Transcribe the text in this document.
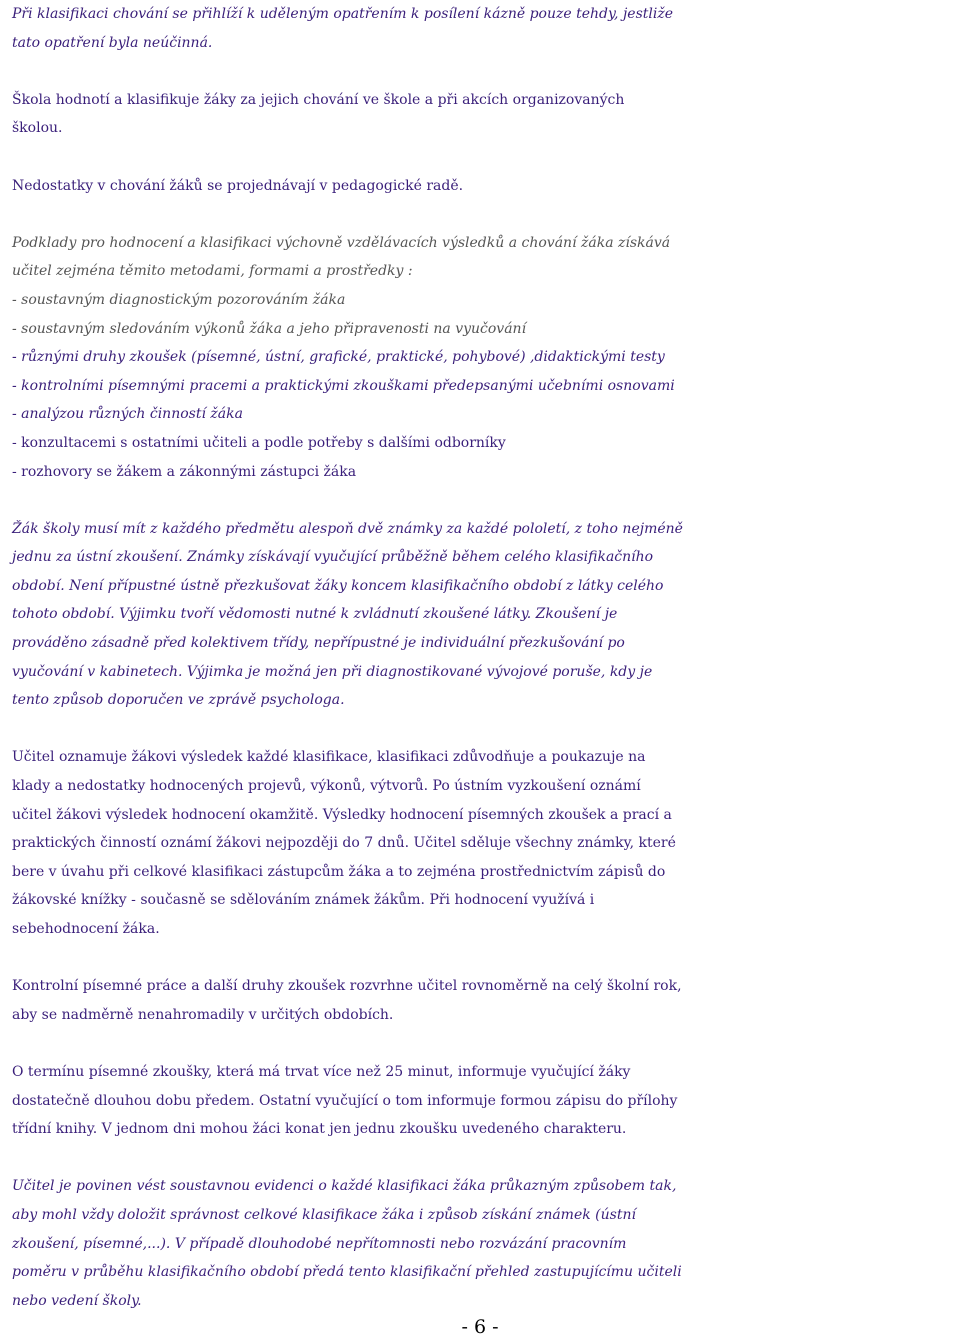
Při klasifikaci chování se přihlíží k uděleným opatřením k posílení kázně pouze tehdy, jestliže
tato opatření byla neúčinná.
Škola hodnotí a klasifikuje žáky za jejich chování ve škole a při akcích organizovaných
školou.
Nedostatky v chování žáků se projednávají v pedagogické radě.
Podklady pro hodnocení a klasifikaci výchovně vzdělávacích výsledků a chování žáka získává
učitel zejména těmito metodami, formami a prostředky :
- soustavným diagnostickým pozorováním žáka
- soustavným sledováním výkonů žáka a jeho připravenosti na vyučování
- různými druhy zkoušek (písemné, ústní, grafické, praktické, pohybové) ,didaktickými testy
- kontrolními písemnými pracemi a praktickými zkouškami předepsanými učebními osnovami
- analýzou různých činností žáka
- konzultacemi s ostatními učiteli a podle potřeby s dalšími odborníky
- rozhovory se žákem a zákonnými zástupci žáka
Žák školy musí mít z každého předmětu alespoň dvě známky za každé pololetí, z toho nejméně
jednu za ústní zkoušení. Známky získávají vyučující průběžně během celého klasifikačního
období. Není přípustné ústně přezkušovat žáky koncem klasifikačního období z látky celého
tohoto období. Výjimku tvoří vědomosti nutné k zvládnutí zkoušené látky. Zkoušení je
prováděno zásadně před kolektivem třídy, nepřípustné je individuální přezkušování po
vyučování v kabinetech. Výjimka je možná jen při diagnostikované vývojové poruše, kdy je
tento způsob doporučen ve zprávě psychologa.
Učitel oznamuje žákovi výsledek každé klasifikace, klasifikaci zdůvodňuje a poukazuje na
klady a nedostatky hodnocených projevů, výkonů, výtvorů. Po ústním vyzkoušení oznámí
učitel žákovi výsledek hodnocení okamžitě. Výsledky hodnocení písemných zkoušek a prací a
praktických činností oznámí žákovi nejpozději do 7 dnů. Učitel sděluje všechny známky, které
bere v úvahu při celkové klasifikaci zástupcům žáka a to zejména prostřednictvím zápisů do
žákovské knížky - současně se sdělováním známek žákům. Při hodnocení využívá i
sebehodnocení žáka.
Kontrolní písemné práce a další druhy zkoušek rozvrhne učitel rovnoměrně na celý školní rok,
aby se nadměrně nenahromadily v určitých obdobích.
O termínu písemné zkoušky, která má trvat více než 25 minut, informuje vyučující žáky
dostatečně dlouhou dobu předem. Ostatní vyučující o tom informuje formou zápisu do přílohy
třídní knihy. V jednom dni mohou žáci konat jen jednu zkoušku uvedeného charakteru.
Učitel je povinen vést soustavnou evidenci o každé klasifikaci žáka průkazným způsobem tak,
aby mohl vždy doložit správnost celkové klasifikace žáka i způsob získání známek (ústní
zkoušení, písemné,...). V případě dlouhodobé nepřítomnosti nebo rozvázání pracovním
poměru v průběhu klasifikačního období předá tento klasifikační přehled zastupujícímu učiteli
nebo vedení školy.
- 6 -
